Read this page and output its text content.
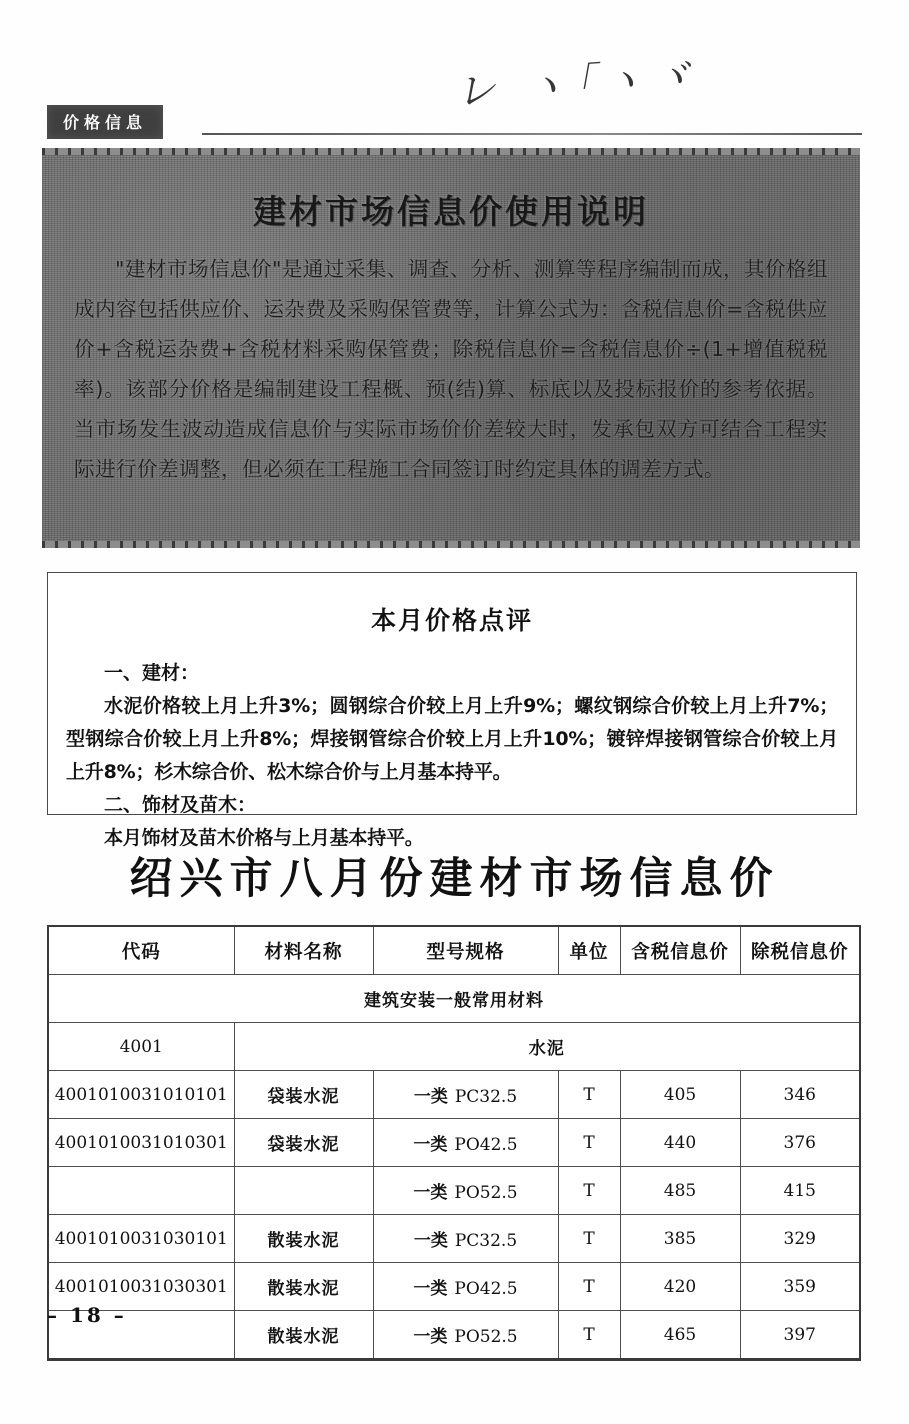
价格信息
レ ヽ｢ヽヾ
建材市场信息价使用说明
"建材市场信息价"是通过采集、调查、分析、测算等程序编制而成，其价格组成内容包括供应价、运杂费及采购保管费等，计算公式为：含税信息价=含税供应价+含税运杂费+含税材料采购保管费；除税信息价=含税信息价÷(1+增值税税率)。该部分价格是编制建设工程概、预(结)算、标底以及投标报价的参考依据。当市场发生波动造成信息价与实际市场价价差较大时，发承包双方可结合工程实际进行价差调整，但必须在工程施工合同签订时约定具体的调差方式。
本月价格点评
一、建材：
水泥价格较上月上升3%；圆钢综合价较上月上升9%；螺纹钢综合价较上月上升7%；型钢综合价较上月上升8%；焊接钢管综合价较上月上升10%；镀锌焊接钢管综合价较上月上升8%；杉木综合价、松木综合价与上月基本持平。
二、饰材及苗木：
本月饰材及苗木价格与上月基本持平。
绍兴市八月份建材市场信息价
代码	材料名称	型号规格	单位	含税信息价	除税信息价
建筑安装一般常用材料					
4001	水泥				
4001010031010101	袋装水泥	一类 PC32.5	T	405	346
4001010031010301	袋装水泥	一类 PO42.5	T	440	376
		一类 PO52.5	T	485	415
4001010031030101	散装水泥	一类 PC32.5	T	385	329
4001010031030301	散装水泥	一类 PO42.5	T	420	359
	散装水泥	一类 PO52.5	T	465	397
– 18 –
